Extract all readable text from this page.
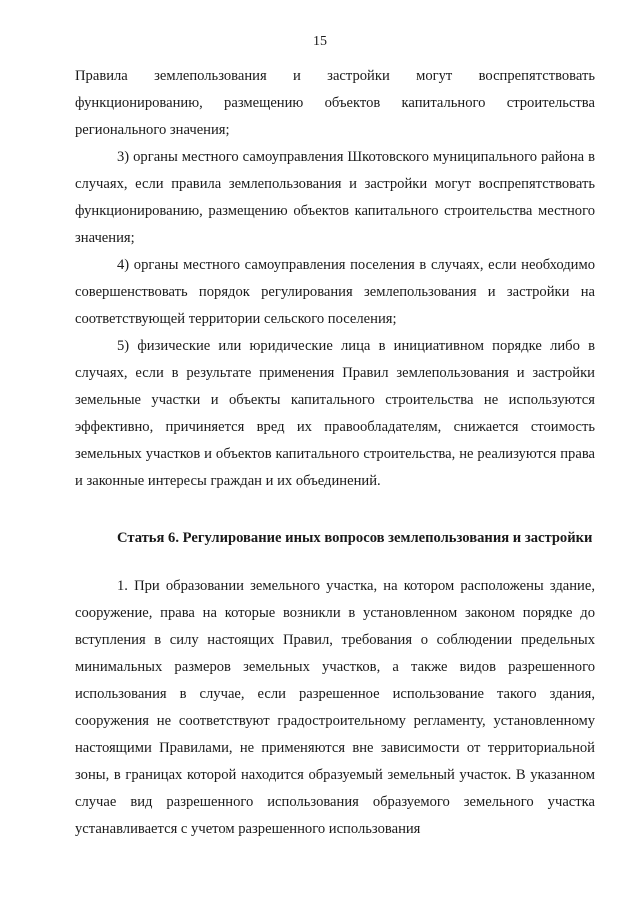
15

Правила землепользования и застройки могут воспрепятствовать функционированию, размещению объектов капитального строительства регионального значения;

3) органы местного самоуправления Шкотовского муниципального района в случаях, если правила землепользования и застройки могут воспрепятствовать функционированию, размещению объектов капитального строительства местного значения;

4) органы местного самоуправления поселения в случаях, если необходимо совершенствовать порядок регулирования землепользования и застройки на соответствующей территории сельского поселения;

5) физические или юридические лица в инициативном порядке либо в случаях, если в результате применения Правил землепользования и застройки земельные участки и объекты капитального строительства не используются эффективно, причиняется вред их правообладателям, снижается стоимость земельных участков и объектов капитального строительства, не реализуются права и законные интересы граждан и их объединений.

Статья 6. Регулирование иных вопросов землепользования и застройки

1. При образовании земельного участка, на котором расположены здание, сооружение, права на которые возникли в установленном законом порядке до вступления в силу настоящих Правил, требования о соблюдении предельных минимальных размеров земельных участков, а также видов разрешенного использования в случае, если разрешенное использование такого здания, сооружения не соответствуют градостроительному регламенту, установленному настоящими Правилами, не применяются вне зависимости от территориальной зоны, в границах которой находится образуемый земельный участок. В указанном случае вид разрешенного использования образуемого земельного участка устанавливается с учетом разрешенного использования
